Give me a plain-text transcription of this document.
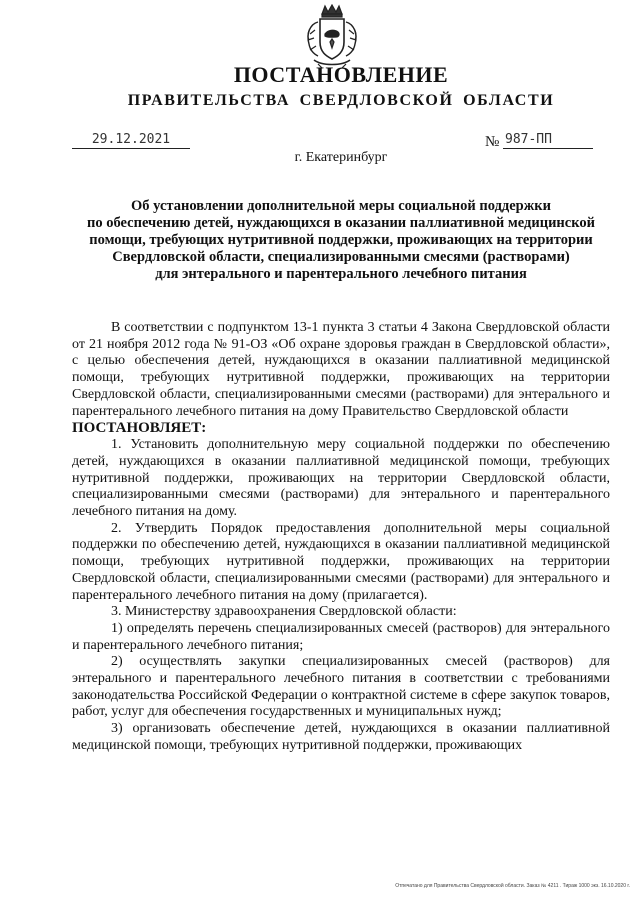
ПОСТАНОВЛЕНИЕ
ПРАВИТЕЛЬСТВА СВЕРДЛОВСКОЙ ОБЛАСТИ
29.12.2021	№ 987-ПП
г. Екатеринбург
Об установлении дополнительной меры социальной поддержки
по обеспечению детей, нуждающихся в оказании паллиативной медицинской
помощи, требующих нутритивной поддержки, проживающих на территории
Свердловской области, специализированными смесями (растворами)
для энтерального и парентерального лечебного питания
В соответствии с подпунктом 13-1 пункта 3 статьи 4 Закона Свердловской области от 21 ноября 2012 года № 91-ОЗ «Об охране здоровья граждан в Свердловской области», с целью обеспечения детей, нуждающихся в оказании паллиативной медицинской помощи, требующих нутритивной поддержки, проживающих на территории Свердловской области, специализированными смесями (растворами) для энтерального и парентерального лечебного питания на дому Правительство Свердловской области
ПОСТАНОВЛЯЕТ:
1. Установить дополнительную меру социальной поддержки по обеспечению детей, нуждающихся в оказании паллиативной медицинской помощи, требующих нутритивной поддержки, проживающих на территории Свердловской области, специализированными смесями (растворами) для энтерального и парентерального лечебного питания на дому.
2. Утвердить Порядок предоставления дополнительной меры социальной поддержки по обеспечению детей, нуждающихся в оказании паллиативной медицинской помощи, требующих нутритивной поддержки, проживающих на территории Свердловской области, специализированными смесями (растворами) для энтерального и парентерального лечебного питания на дому (прилагается).
3. Министерству здравоохранения Свердловской области:
1) определять перечень специализированных смесей (растворов) для энтерального и парентерального лечебного питания;
2) осуществлять закупки специализированных смесей (растворов) для энтерального и парентерального лечебного питания в соответствии с требованиями законодательства Российской Федерации о контрактной системе в сфере закупок товаров, работ, услуг для обеспечения государственных и муниципальных нужд;
3) организовать обеспечение детей, нуждающихся в оказании паллиативной медицинской помощи, требующих нутритивной поддержки, проживающих
Отпечатано для Правительства Свердловской области. Заказ № 4211 . Тираж 1000 экз. 16.10.2020 г.
